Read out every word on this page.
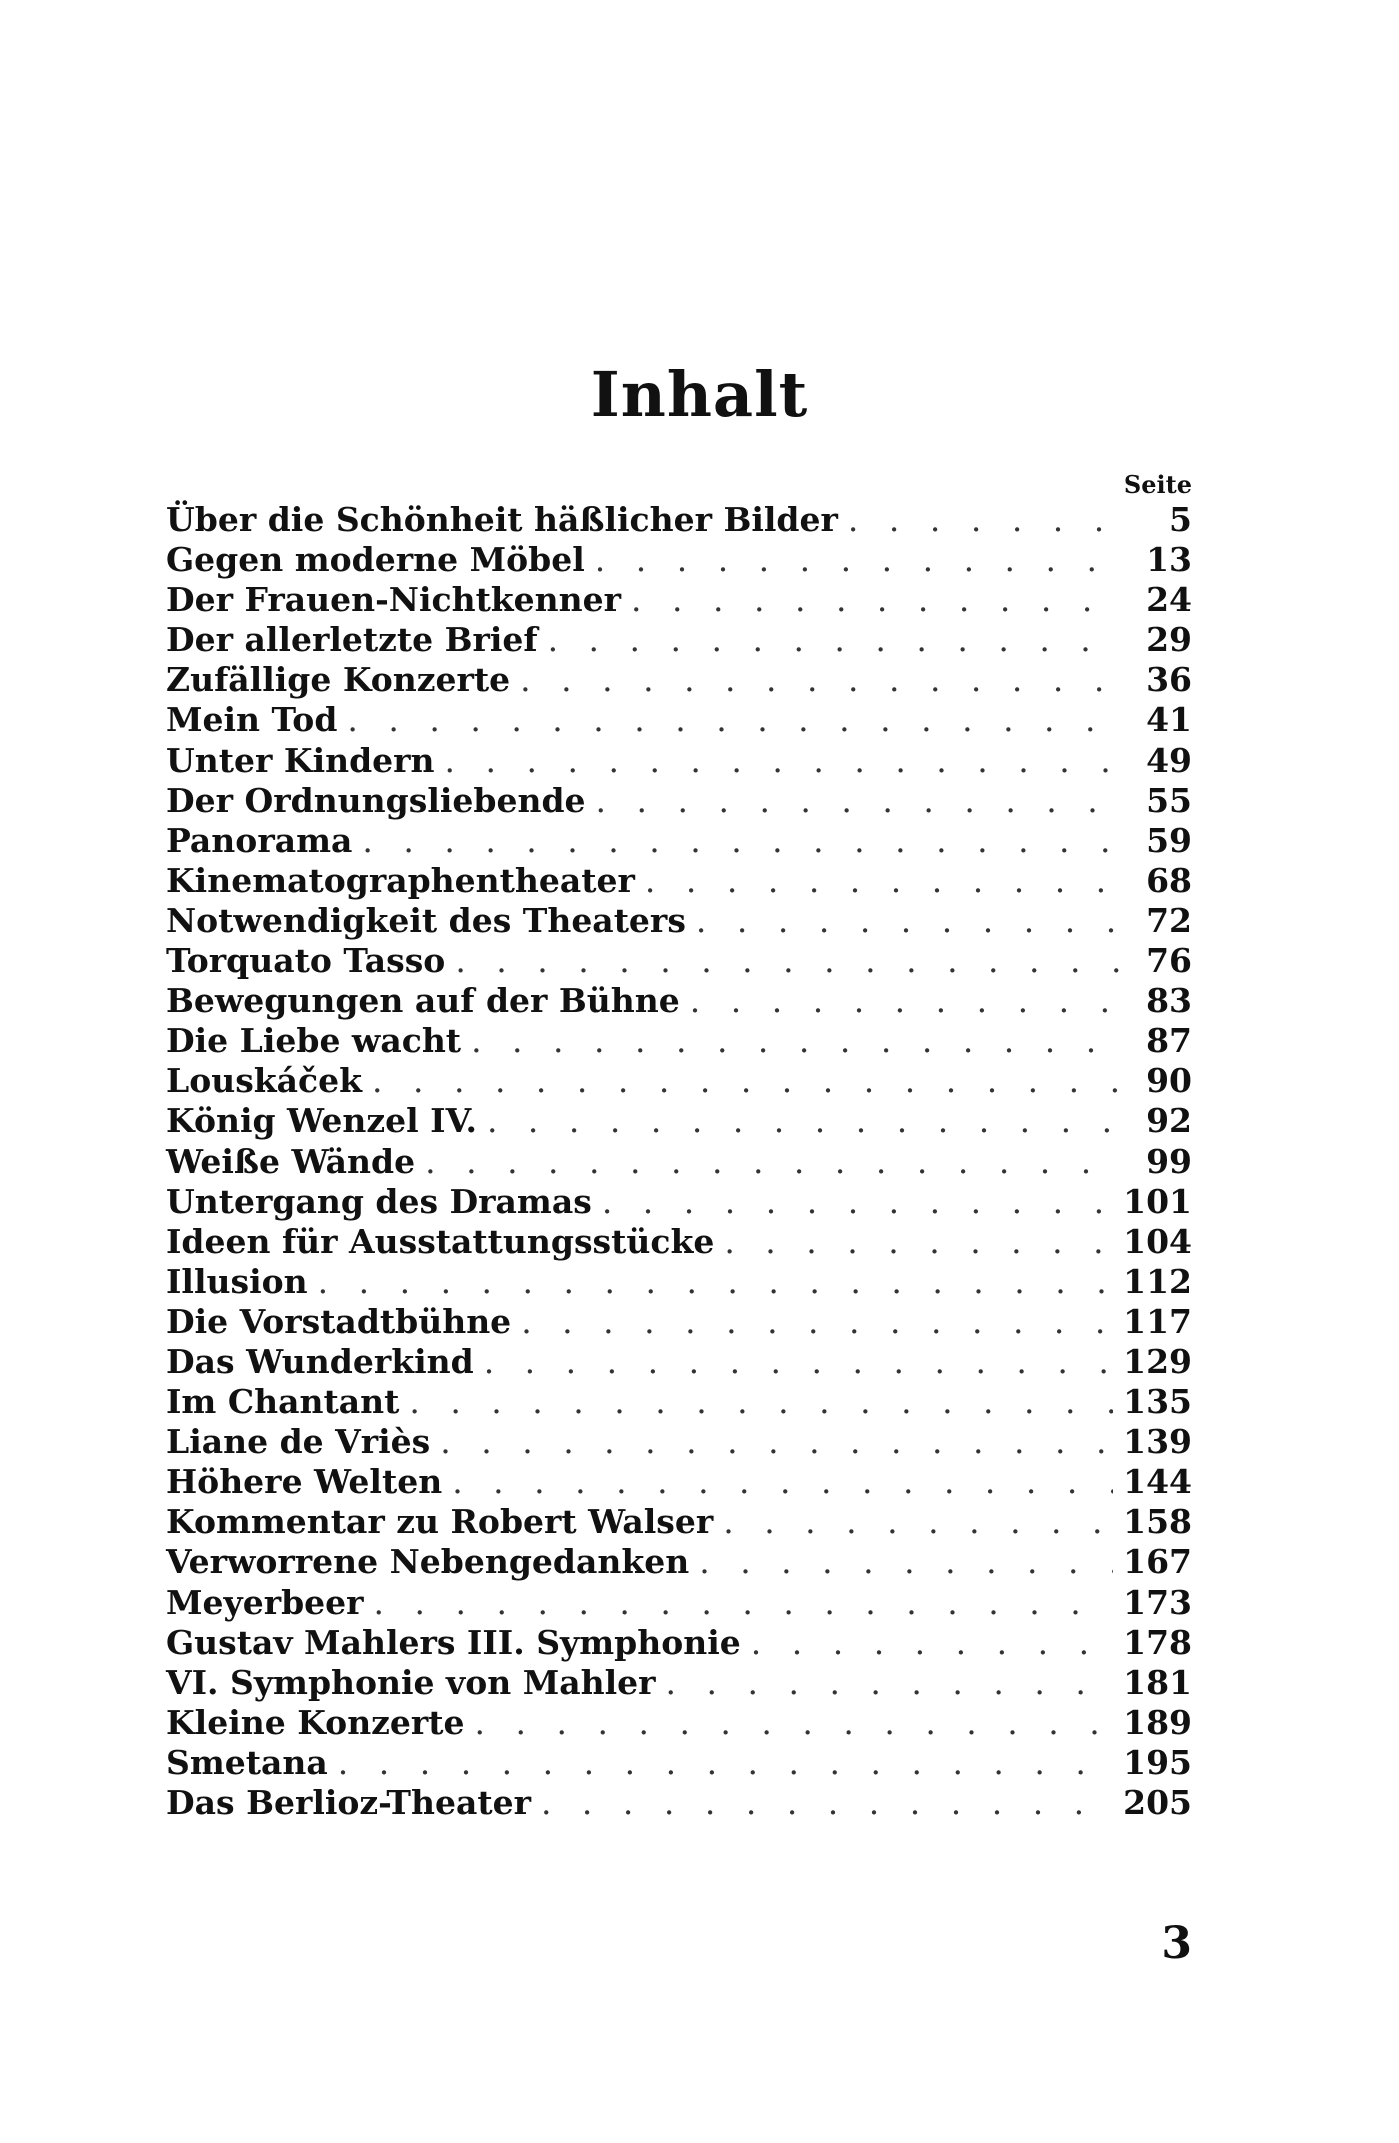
Inhalt
Seite
Über die Schönheit häßlicher Bilder . . .	5
Gegen moderne Möbel . . .	13
Der Frauen-Nichtkenner . . .	24
Der allerletzte Brief . . .	29
Zufällige Konzerte . . .	36
Mein Tod . . .	41
Unter Kindern . . .	49
Der Ordnungsliebende . . .	55
Panorama . . .	59
Kinematographentheater . . .	68
Notwendigkeit des Theaters . . .	72
Torquato Tasso . . .	76
Bewegungen auf der Bühne . . .	83
Die Liebe wacht . . .	87
Louskáček . . .	90
König Wenzel IV. . . .	92
Weiße Wände . . .	99
Untergang des Dramas . . .	101
Ideen für Ausstattungsstücke . . .	104
Illusion . . .	112
Die Vorstadtbühne . . .	117
Das Wunderkind . . .	129
Im Chantant . . .	135
Liane de Vriès . . .	139
Höhere Welten . . .	144
Kommentar zu Robert Walser . . .	158
Verworrene Nebengedanken . . .	167
Meyerbeer . . .	173
Gustav Mahlers III. Symphonie . . .	178
VI. Symphonie von Mahler . . .	181
Kleine Konzerte . . .	189
Smetana . . .	195
Das Berlioz-Theater . . .	205
3
